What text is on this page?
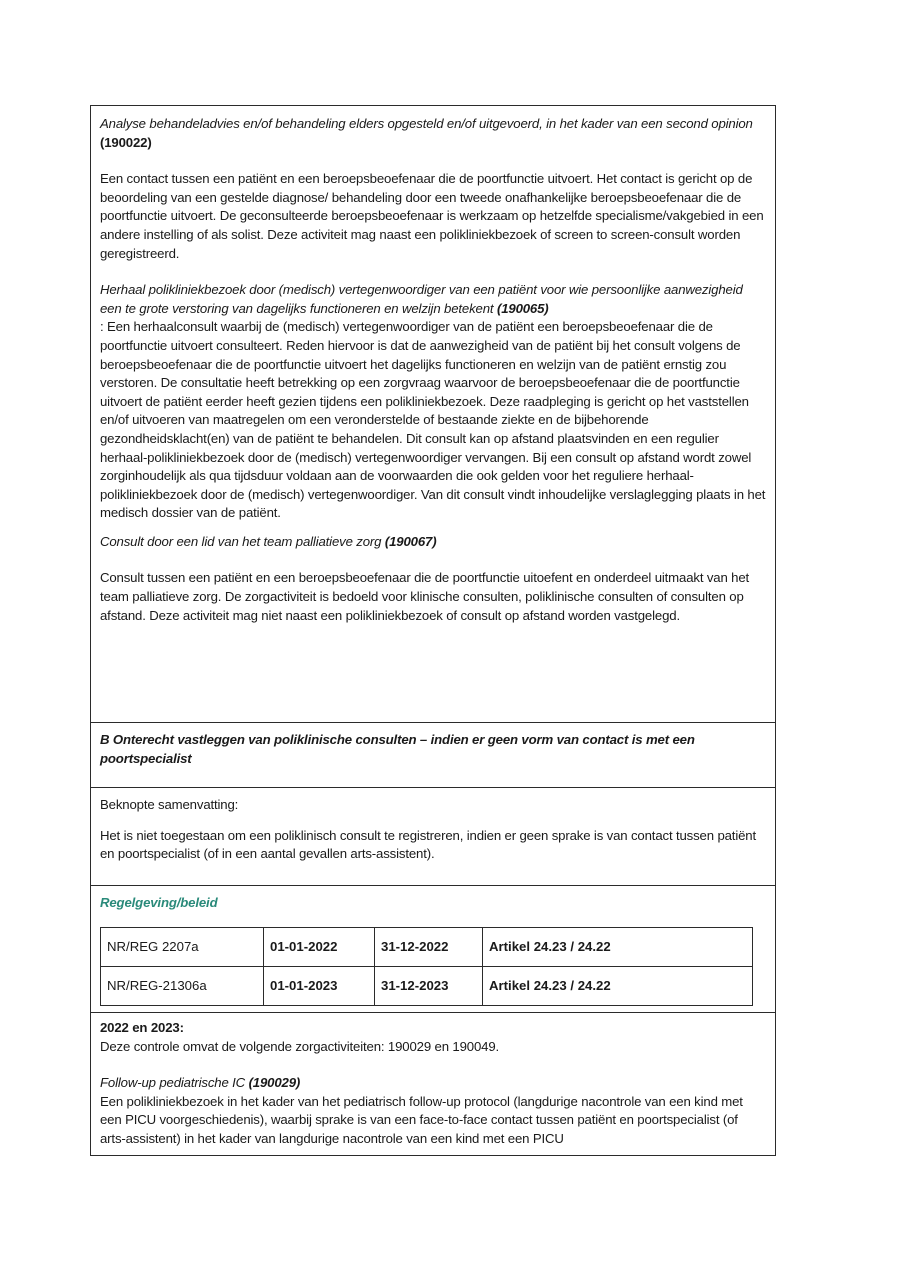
Analyse behandeladvies en/of behandeling elders opgesteld en/of uitgevoerd, in het kader van een second opinion (190022)

Een contact tussen een patiënt en een beroepsbeoefenaar die de poortfunctie uitvoert. Het contact is gericht op de beoordeling van een gestelde diagnose/ behandeling door een tweede onafhankelijke beroepsbeoefenaar die de poortfunctie uitvoert. De geconsulteerde beroepsbeoefenaar is werkzaam op hetzelfde specialisme/vakgebied in een andere instelling of als solist. Deze activiteit mag naast een polikliniekbezoek of screen to screen-consult worden geregistreerd.

Herhaal polikliniekbezoek door (medisch) vertegenwoordiger van een patiënt voor wie persoonlijke aanwezigheid een te grote verstoring van dagelijks functioneren en welzijn betekent (190065)

: Een herhaalconsult waarbij de (medisch) vertegenwoordiger van de patiënt een beroepsbeoefenaar die de poortfunctie uitvoert consulteert. Reden hiervoor is dat de aanwezigheid van de patiënt bij het consult volgens de beroepsbeoefenaar die de poortfunctie uitvoert het dagelijks functioneren en welzijn van de patiënt ernstig zou verstoren. De consultatie heeft betrekking op een zorgvraag waarvoor de beroepsbeoefenaar die de poortfunctie uitvoert de patiënt eerder heeft gezien tijdens een polikliniekbezoek. Deze raadpleging is gericht op het vaststellen en/of uitvoeren van maatregelen om een veronderstelde of bestaande ziekte en de bijbehorende gezondheidsklacht(en) van de patiënt te behandelen. Dit consult kan op afstand plaatsvinden en een regulier herhaal-polikliniekbezoek door de (medisch) vertegenwoordiger vervangen. Bij een consult op afstand wordt zowel zorginhoudelijk als qua tijdsduur voldaan aan de voorwaarden die ook gelden voor het reguliere herhaal-polikliniekbezoek door de (medisch) vertegenwoordiger. Van dit consult vindt inhoudelijke verslaglegging plaats in het medisch dossier van de patiënt.

Consult door een lid van het team palliatieve zorg (190067)

Consult tussen een patiënt en een beroepsbeoefenaar die de poortfunctie uitoefent en onderdeel uitmaakt van het team palliatieve zorg. De zorgactiviteit is bedoeld voor klinische consulten, poliklinische consulten of consulten op afstand. Deze activiteit mag niet naast een polikliniekbezoek of consult op afstand worden vastgelegd.

B Onterecht vastleggen van poliklinische consulten – indien er geen vorm van contact is met een poortspecialist

Beknopte samenvatting:

Het is niet toegestaan om een poliklinisch consult te registreren, indien er geen sprake is van contact tussen patiënt en poortspecialist (of in een aantal gevallen arts-assistent).

Regelgeving/beleid

NR/REG 2207a	01-01-2022	31-12-2022	Artikel 24.23 / 24.22
NR/REG-21306a	01-01-2023	31-12-2023	Artikel 24.23 / 24.22

2022 en 2023:

Deze controle omvat de volgende zorgactiviteiten: 190029 en 190049.

Follow-up pediatrische IC (190029)

Een polikliniekbezoek in het kader van het pediatrisch follow-up protocol (langdurige nacontrole van een kind met een PICU voorgeschiedenis), waarbij sprake is van een face-to-face contact tussen patiënt en poortspecialist (of arts-assistent) in het kader van langdurige nacontrole van een kind met een PICU
